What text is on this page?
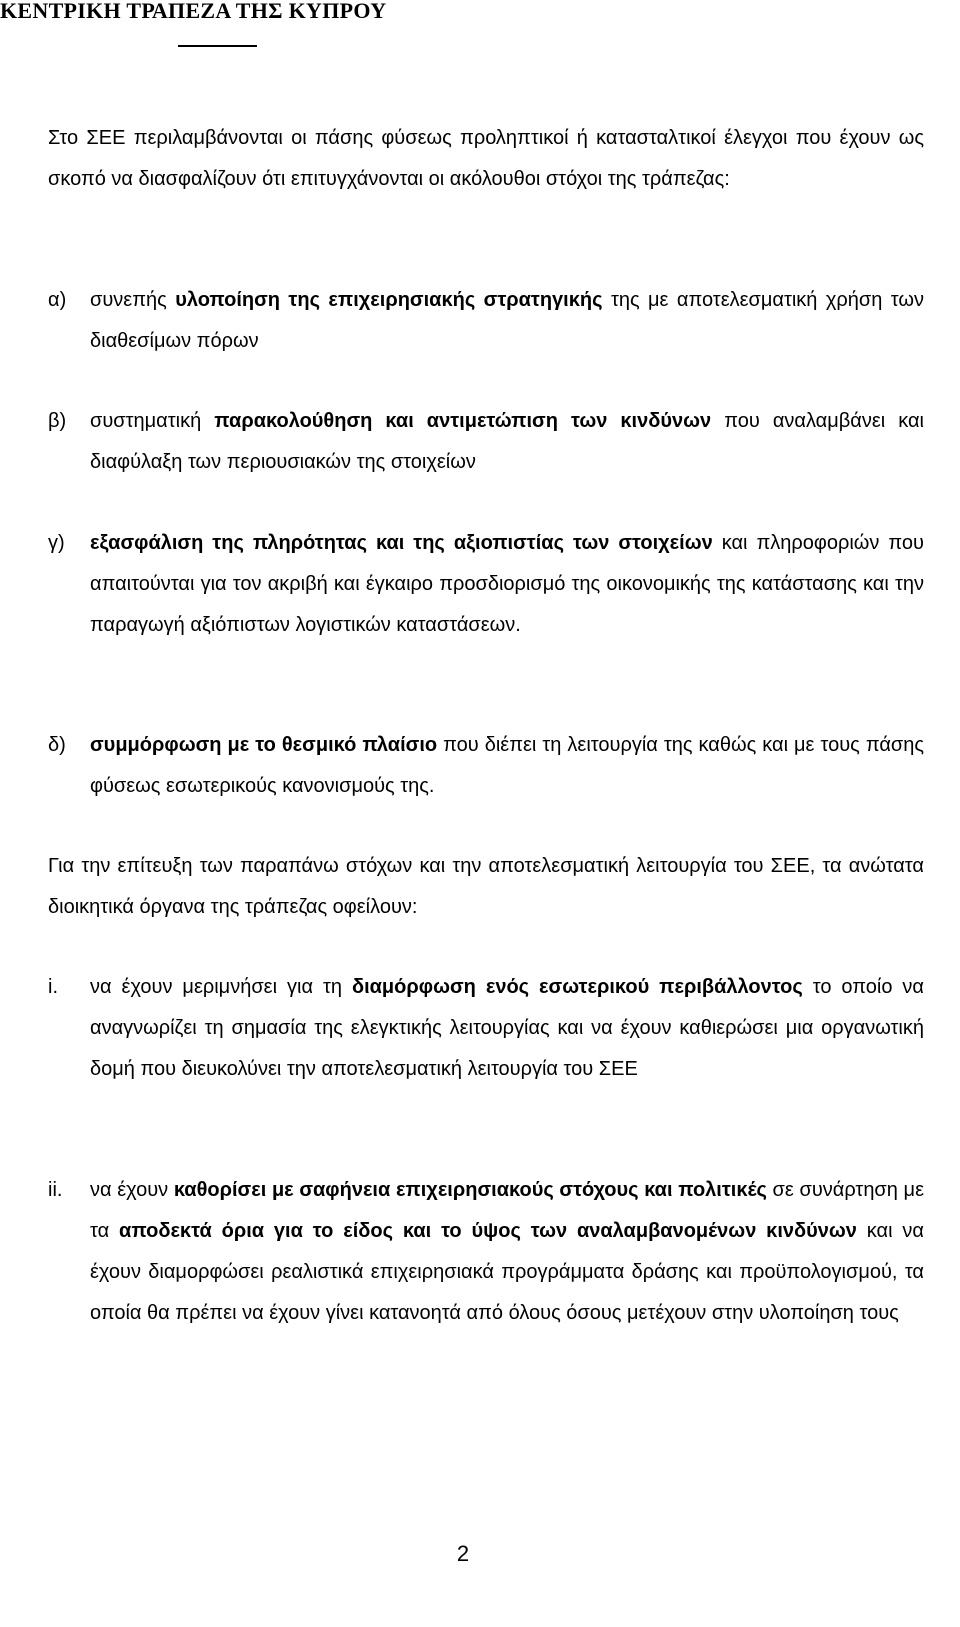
ΚΕΝΤΡΙΚΗ ΤΡΑΠΕΖΑ ΤΗΣ ΚΥΠΡΟΥ

Στο ΣΕΕ περιλαμβάνονται οι πάσης φύσεως προληπτικοί ή κατασταλτικοί έλεγχοι που έχουν ως σκοπό να διασφαλίζουν ότι επιτυγχάνονται οι ακόλουθοι στόχοι της τράπεζας:

α) συνεπής υλοποίηση της επιχειρησιακής στρατηγικής της με αποτελεσματική χρήση των διαθεσίμων πόρων
β) συστηματική παρακολούθηση και αντιμετώπιση των κινδύνων που αναλαμβάνει και διαφύλαξη των περιουσιακών της στοιχείων
γ) εξασφάλιση της πληρότητας και της αξιοπιστίας των στοιχείων και πληροφοριών που απαιτούνται για τον ακριβή και έγκαιρο προσδιορισμό της οικονομικής της κατάστασης και την παραγωγή αξιόπιστων λογιστικών καταστάσεων.
δ) συμμόρφωση με το θεσμικό πλαίσιο που διέπει τη λειτουργία της καθώς και με τους πάσης φύσεως εσωτερικούς κανονισμούς της.

Για την επίτευξη των παραπάνω στόχων και την αποτελεσματική λειτουργία του ΣΕΕ, τα ανώτατα διοικητικά όργανα της τράπεζας οφείλουν:

i. να έχουν μεριμνήσει για τη διαμόρφωση ενός εσωτερικού περιβάλλοντος το οποίο να αναγνωρίζει τη σημασία της ελεγκτικής λειτουργίας και να έχουν καθιερώσει μια οργανωτική δομή που διευκολύνει την αποτελεσματική λειτουργία του ΣΕΕ
ii. να έχουν καθορίσει με σαφήνεια επιχειρησιακούς στόχους και πολιτικές σε συνάρτηση με τα αποδεκτά όρια για το είδος και το ύψος των αναλαμβανομένων κινδύνων και να έχουν διαμορφώσει ρεαλιστικά επιχειρησιακά προγράμματα δράσης και προϋπολογισμού, τα οποία θα πρέπει να έχουν γίνει κατανοητά από όλους όσους μετέχουν στην υλοποίηση τους
2
